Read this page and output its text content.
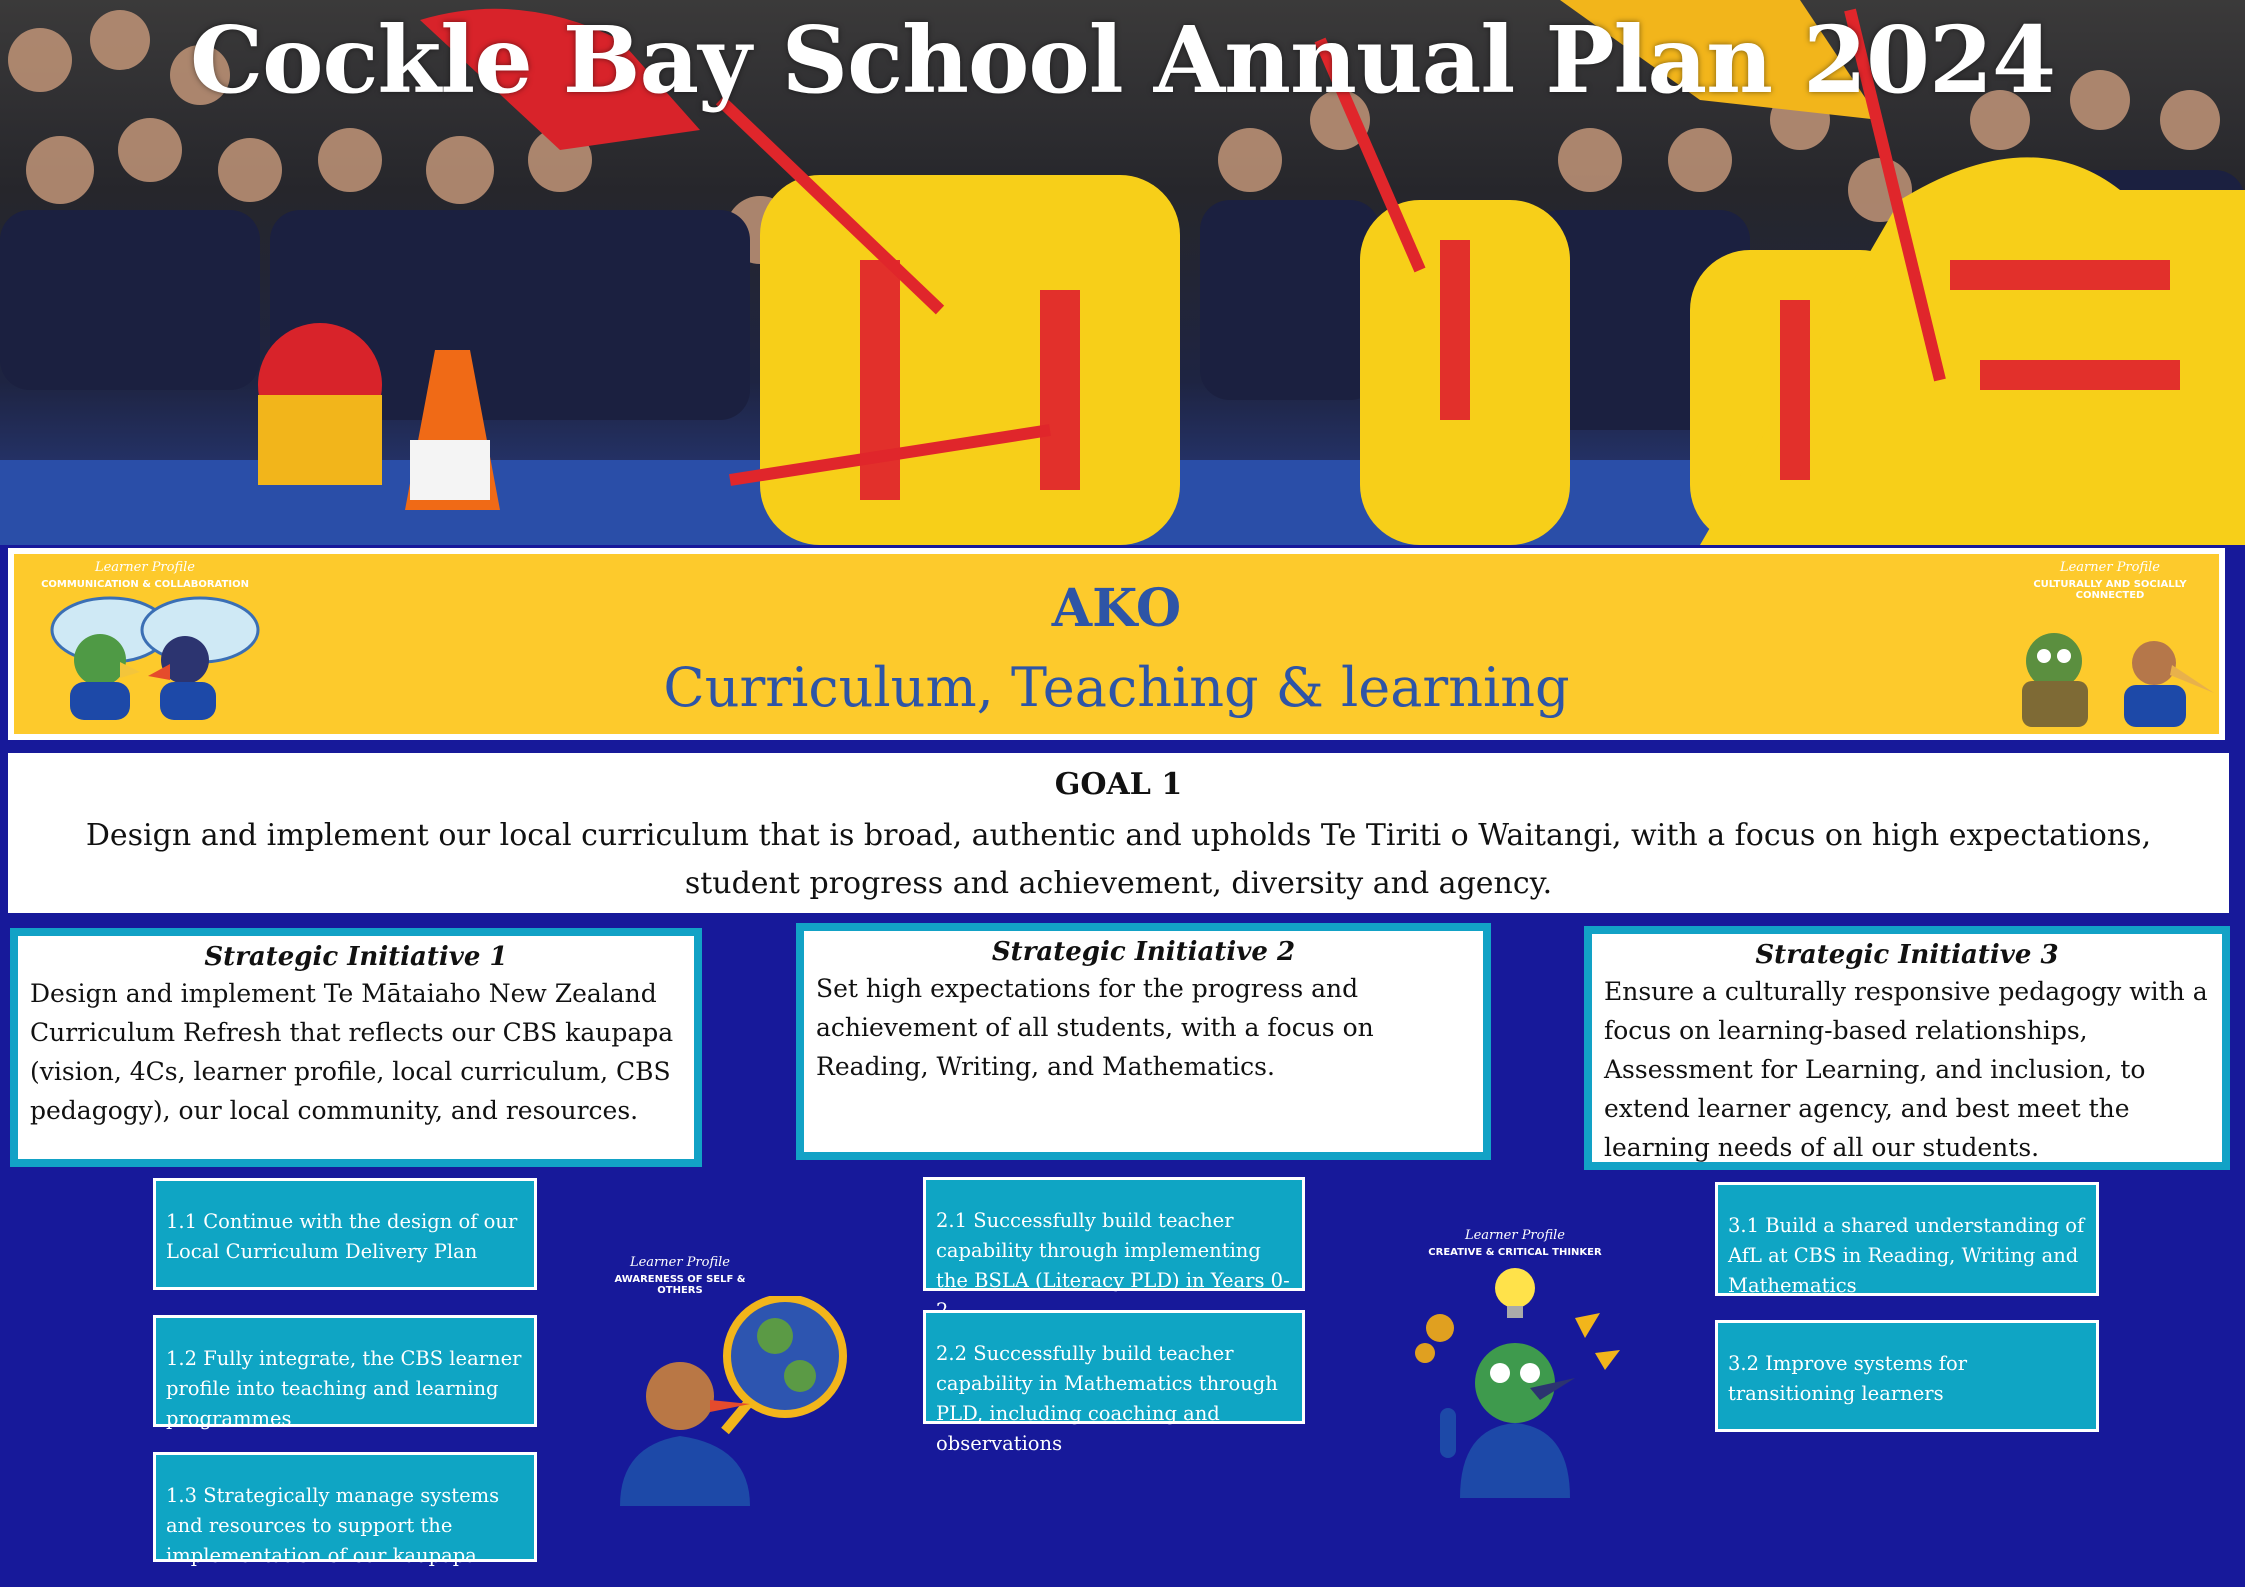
Cockle Bay School Annual Plan 2024
AKO
Curriculum, Teaching & learning
Learner Profile
COMMUNICATION & COLLABORATION
Learner Profile
CULTURALLY AND SOCIALLY CONNECTED
GOAL 1
Design and implement our local curriculum that is broad, authentic and upholds Te Tiriti o Waitangi, with a focus on high expectations, student progress and achievement, diversity and agency.
Strategic Initiative 1
Design and implement Te Mātaiaho New Zealand Curriculum Refresh that reflects our CBS kaupapa (vision, 4Cs, learner profile, local curriculum, CBS pedagogy), our local community, and resources.
Strategic Initiative 2
Set high expectations for the progress and achievement of all students, with a focus on Reading, Writing, and Mathematics.
Strategic Initiative 3
Ensure a culturally responsive pedagogy with a focus on learning-based relationships, Assessment for Learning, and inclusion, to extend learner agency, and best meet the learning needs of all our students.
1.1 Continue with the design of our Local Curriculum Delivery Plan
1.2 Fully integrate, the CBS learner profile into teaching and learning programmes
1.3 Strategically manage systems and resources to support the implementation of our kaupapa
2.1 Successfully build teacher capability through implementing the BSLA (Literacy PLD) in Years 0-
2.2 Successfully build teacher capability in Mathematics through PLD, including coaching and observations
3.1 Build a shared understanding of AfL at CBS in Reading, Writing and Mathematics
3.2 Improve systems for transitioning learners
Learner Profile
AWARENESS OF SELF & OTHERS
Learner Profile
CREATIVE & CRITICAL THINKER
